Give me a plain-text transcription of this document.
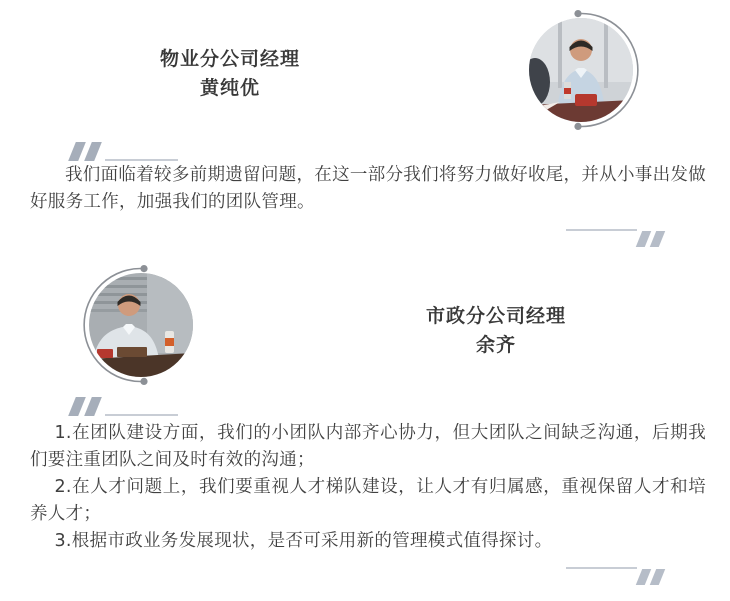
物业分公司经理
黄纯优

我们面临着较多前期遗留问题，在这一部分我们将努力做好收尾，并从小事出发做好服务工作，加强我们的团队管理。

市政分公司经理
余齐

1.在团队建设方面，我们的小团队内部齐心协力，但大团队之间缺乏沟通，后期我们要注重团队之间及时有效的沟通；

2.在人才问题上，我们要重视人才梯队建设，让人才有归属感，重视保留人才和培养人才；

3.根据市政业务发展现状，是否可采用新的管理模式值得探讨。
